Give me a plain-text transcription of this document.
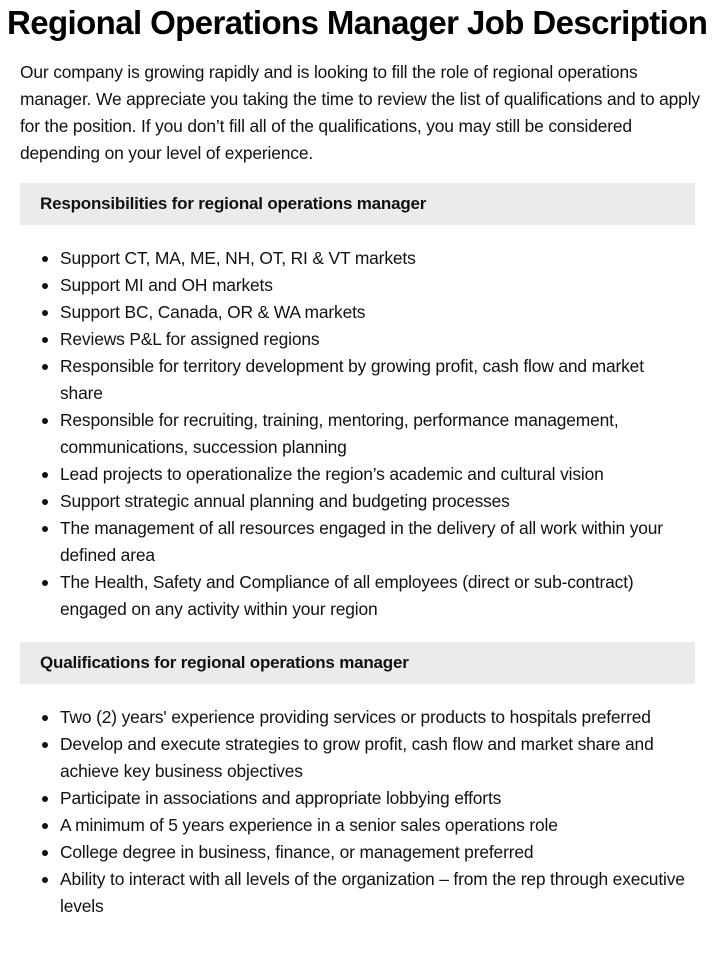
Regional Operations Manager Job Description

Our company is growing rapidly and is looking to fill the role of regional operations manager. We appreciate you taking the time to review the list of qualifications and to apply for the position. If you don’t fill all of the qualifications, you may still be considered depending on your level of experience.

Responsibilities for regional operations manager
Support CT, MA, ME, NH, OT, RI & VT markets
Support MI and OH markets
Support BC, Canada, OR & WA markets
Reviews P&L for assigned regions
Responsible for territory development by growing profit, cash flow and market share
Responsible for recruiting, training, mentoring, performance management, communications, succession planning
Lead projects to operationalize the region’s academic and cultural vision
Support strategic annual planning and budgeting processes
The management of all resources engaged in the delivery of all work within your defined area
The Health, Safety and Compliance of all employees (direct or sub-contract) engaged on any activity within your region
Qualifications for regional operations manager
Two (2) years' experience providing services or products to hospitals preferred
Develop and execute strategies to grow profit, cash flow and market share and achieve key business objectives
Participate in associations and appropriate lobbying efforts
A minimum of 5 years experience in a senior sales operations role
College degree in business, finance, or management preferred
Ability to interact with all levels of the organization – from the rep through executive levels
